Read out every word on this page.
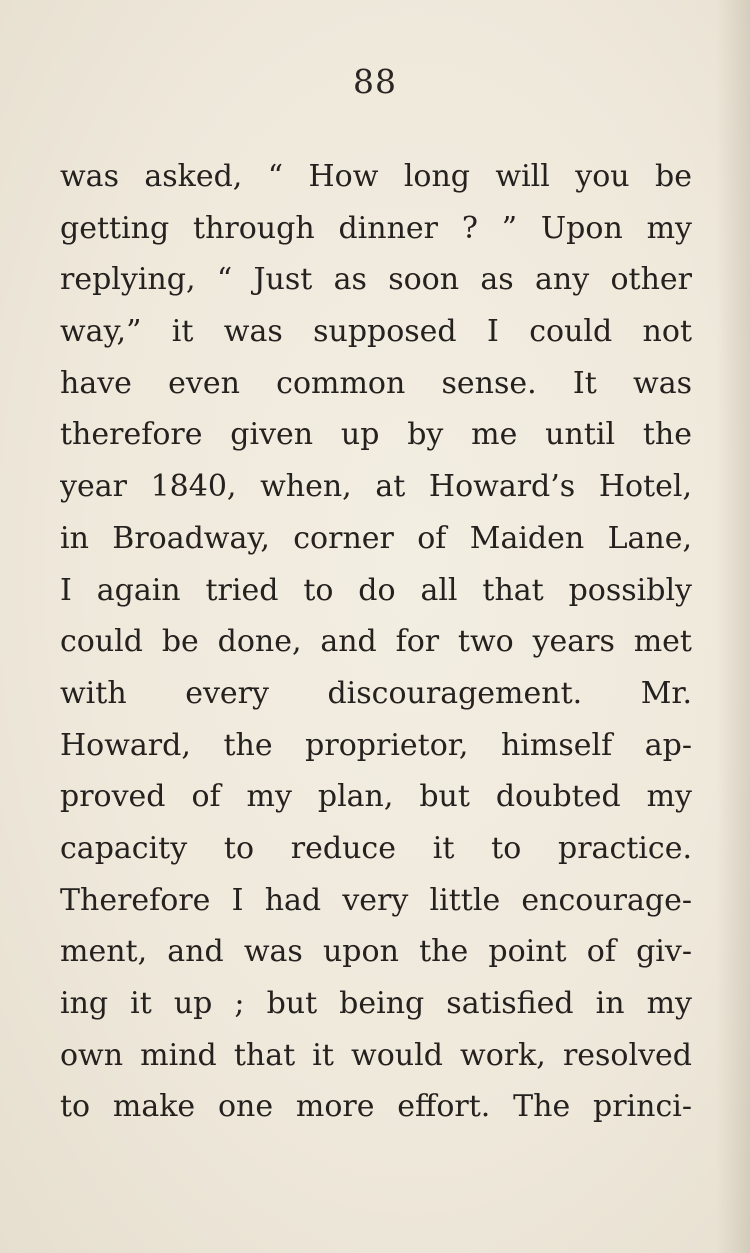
88
was asked, “ How long will you be
getting through dinner ? ” Upon my
replying, “ Just as soon as any other
way,” it was supposed I could not
have even common sense. It was
therefore given up by me until the
year 1840, when, at Howard’s Hotel,
in Broadway, corner of Maiden Lane,
I again tried to do all that possibly
could be done, and for two years met
with every discouragement. Mr.
Howard, the proprietor, himself ap-
proved of my plan, but doubted my
capacity to reduce it to practice.
Therefore I had very little encourage-
ment, and was upon the point of giv-
ing it up ; but being satisfied in my
own mind that it would work, resolved
to make one more effort. The princi-
